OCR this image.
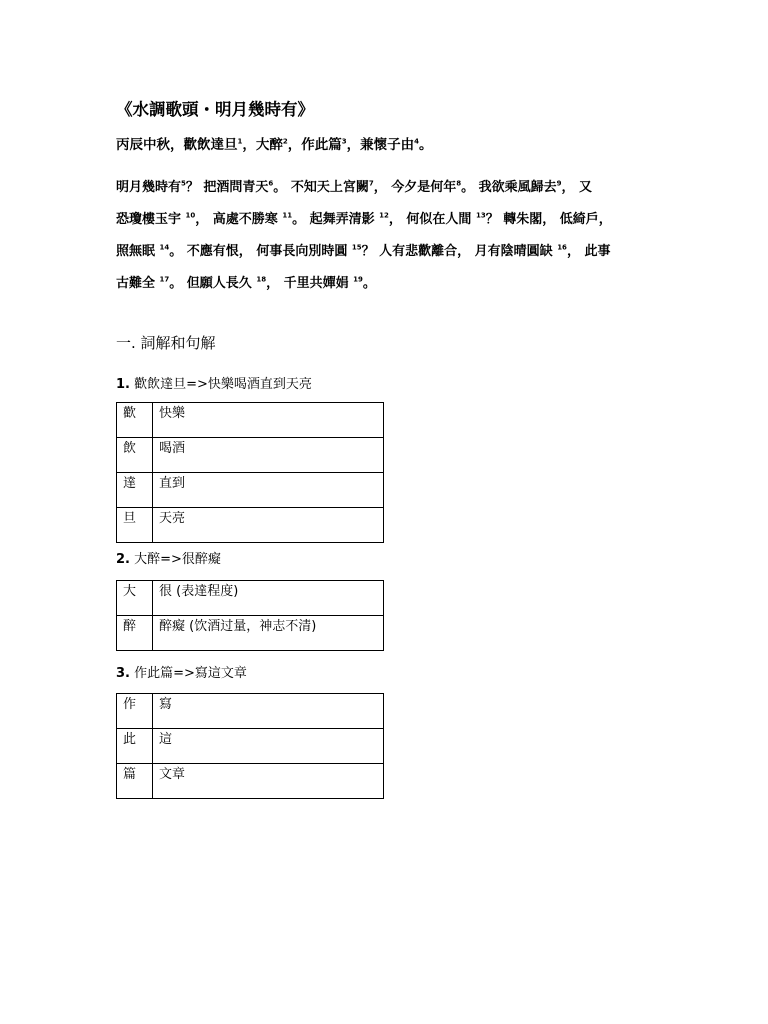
《水調歌頭・明月幾時有》
丙辰中秋，歡飲達旦$^1$，大醉$^2$，作此篇$^3$，兼懷子由$^4$。
明月幾時有$^5$？ 把酒問青天$^6$。 不知天上宮闕$^7$， 今夕是何年$^8$。 我欲乘風歸去$^9$， 又
恐瓊樓玉宇 $^{10}$， 高處不勝寒 $^{11}$。 起舞弄清影 $^{12}$， 何似在人間 $^{13}$？ 轉朱閣， 低綺戶，
照無眠 $^{14}$。 不應有恨， 何事長向別時圓 $^{15}$？ 人有悲歡離合， 月有陰晴圓缺 $^{16}$， 此事
古難全 $^{17}$。 但願人長久 $^{18}$， 千里共嬋娟 $^{19}$。
一. 詞解和句解
1. 歡飲達旦=>快樂喝酒直到天亮
歡	快樂
飲	喝酒
達	直到
旦	天亮
2. 大醉=>很醉癡
大	很 (表達程度)
醉	醉癡 (饮酒过量，神志不清)
3. 作此篇=>寫這文章
作	寫
此	這
篇	文章
